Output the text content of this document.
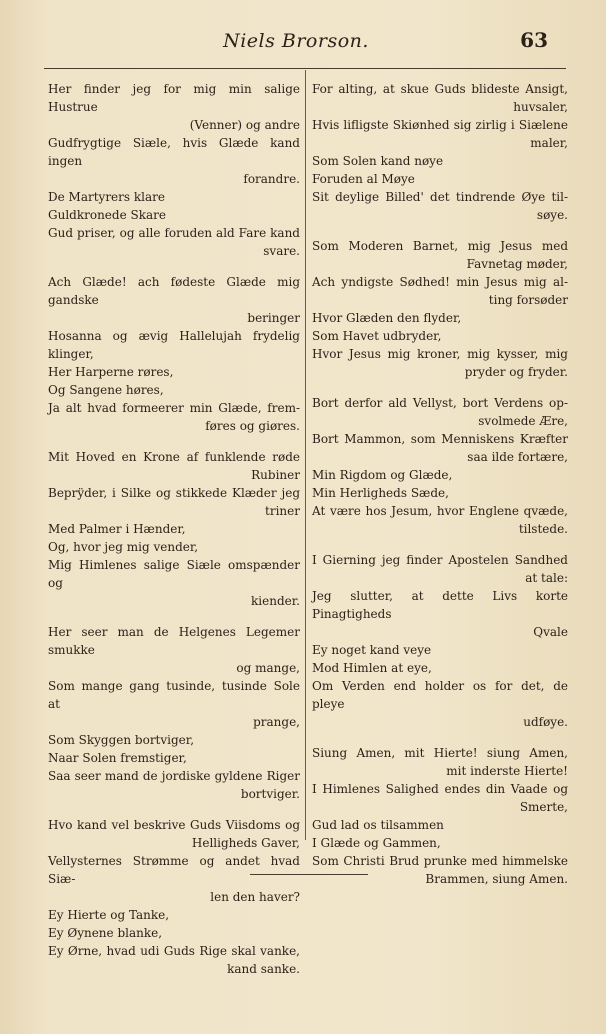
Niels Brorson.	63
Her finder jeg for mig min salige Hustrue
(Venner) og andre
Gudfrygtige Siæle, hvis Glæde kand ingen
forandre.
De Martyrers klare
Guldkronede Skare
Gud priser, og alle foruden ald Fare kand
svare.
Ach Glæde! ach fødeste Glæde mig gandske
beringer
Hosanna og ævig Hallelujah frydelig klinger,
Her Harperne røres,
Og Sangene høres,
Ja alt hvad formeerer min Glæde, frem-
føres og giøres.
Mit Hoved en Krone af funklende røde
Rubiner
Beprÿder, i Silke og stikkede Klæder jeg
triner
Med Palmer i Hænder,
Og, hvor jeg mig vender,
Mig Himlenes salige Siæle omspænder og
kiender.
Her seer man de Helgenes Legemer smukke
og mange,
Som mange gang tusinde, tusinde Sole at
prange,
Som Skyggen bortviger,
Naar Solen fremstiger,
Saa seer mand de jordiske gyldene Riger
bortviger.
Hvo kand vel beskrive Guds Viisdoms og
Helligheds Gaver,
Vellysternes Strømme og andet hvad Siæ-
len den haver?
Ey Hierte og Tanke,
Ey Øynene blanke,
Ey Ørne, hvad udi Guds Rige skal vanke,
kand sanke.
For alting, at skue Guds blideste Ansigt,
huvsaler,
Hvis lifligste Skiønhed sig zirlig i Siælene
maler,
Som Solen kand nøye
Foruden al Møye
Sit deylige Billed' det tindrende Øye til-
søye.
Som Moderen Barnet, mig Jesus med
Favnetag møder,
Ach yndigste Sødhed! min Jesus mig al-
ting forsøder
Hvor Glæden den flyder,
Som Havet udbryder,
Hvor Jesus mig kroner, mig kysser, mig
pryder og fryder.
Bort derfor ald Vellyst, bort Verdens op-
svolmede Ære,
Bort Mammon, som Menniskens Kræfter
saa ilde fortære,
Min Rigdom og Glæde,
Min Herligheds Sæde,
At være hos Jesum, hvor Englene qvæde,
tilstede.
I Gierning jeg finder Apostelen Sandhed
at tale:
Jeg slutter, at dette Livs korte Pinagtigheds
Qvale
Ey noget kand veye
Mod Himlen at eye,
Om Verden end holder os for det, de pleye
udføye.
Siung Amen, mit Hierte! siung Amen,
mit inderste Hierte!
I Himlenes Salighed endes din Vaade og
Smerte,
Gud lad os tilsammen
I Glæde og Gammen,
Som Christi Brud prunke med himmelske
Brammen, siung Amen.
